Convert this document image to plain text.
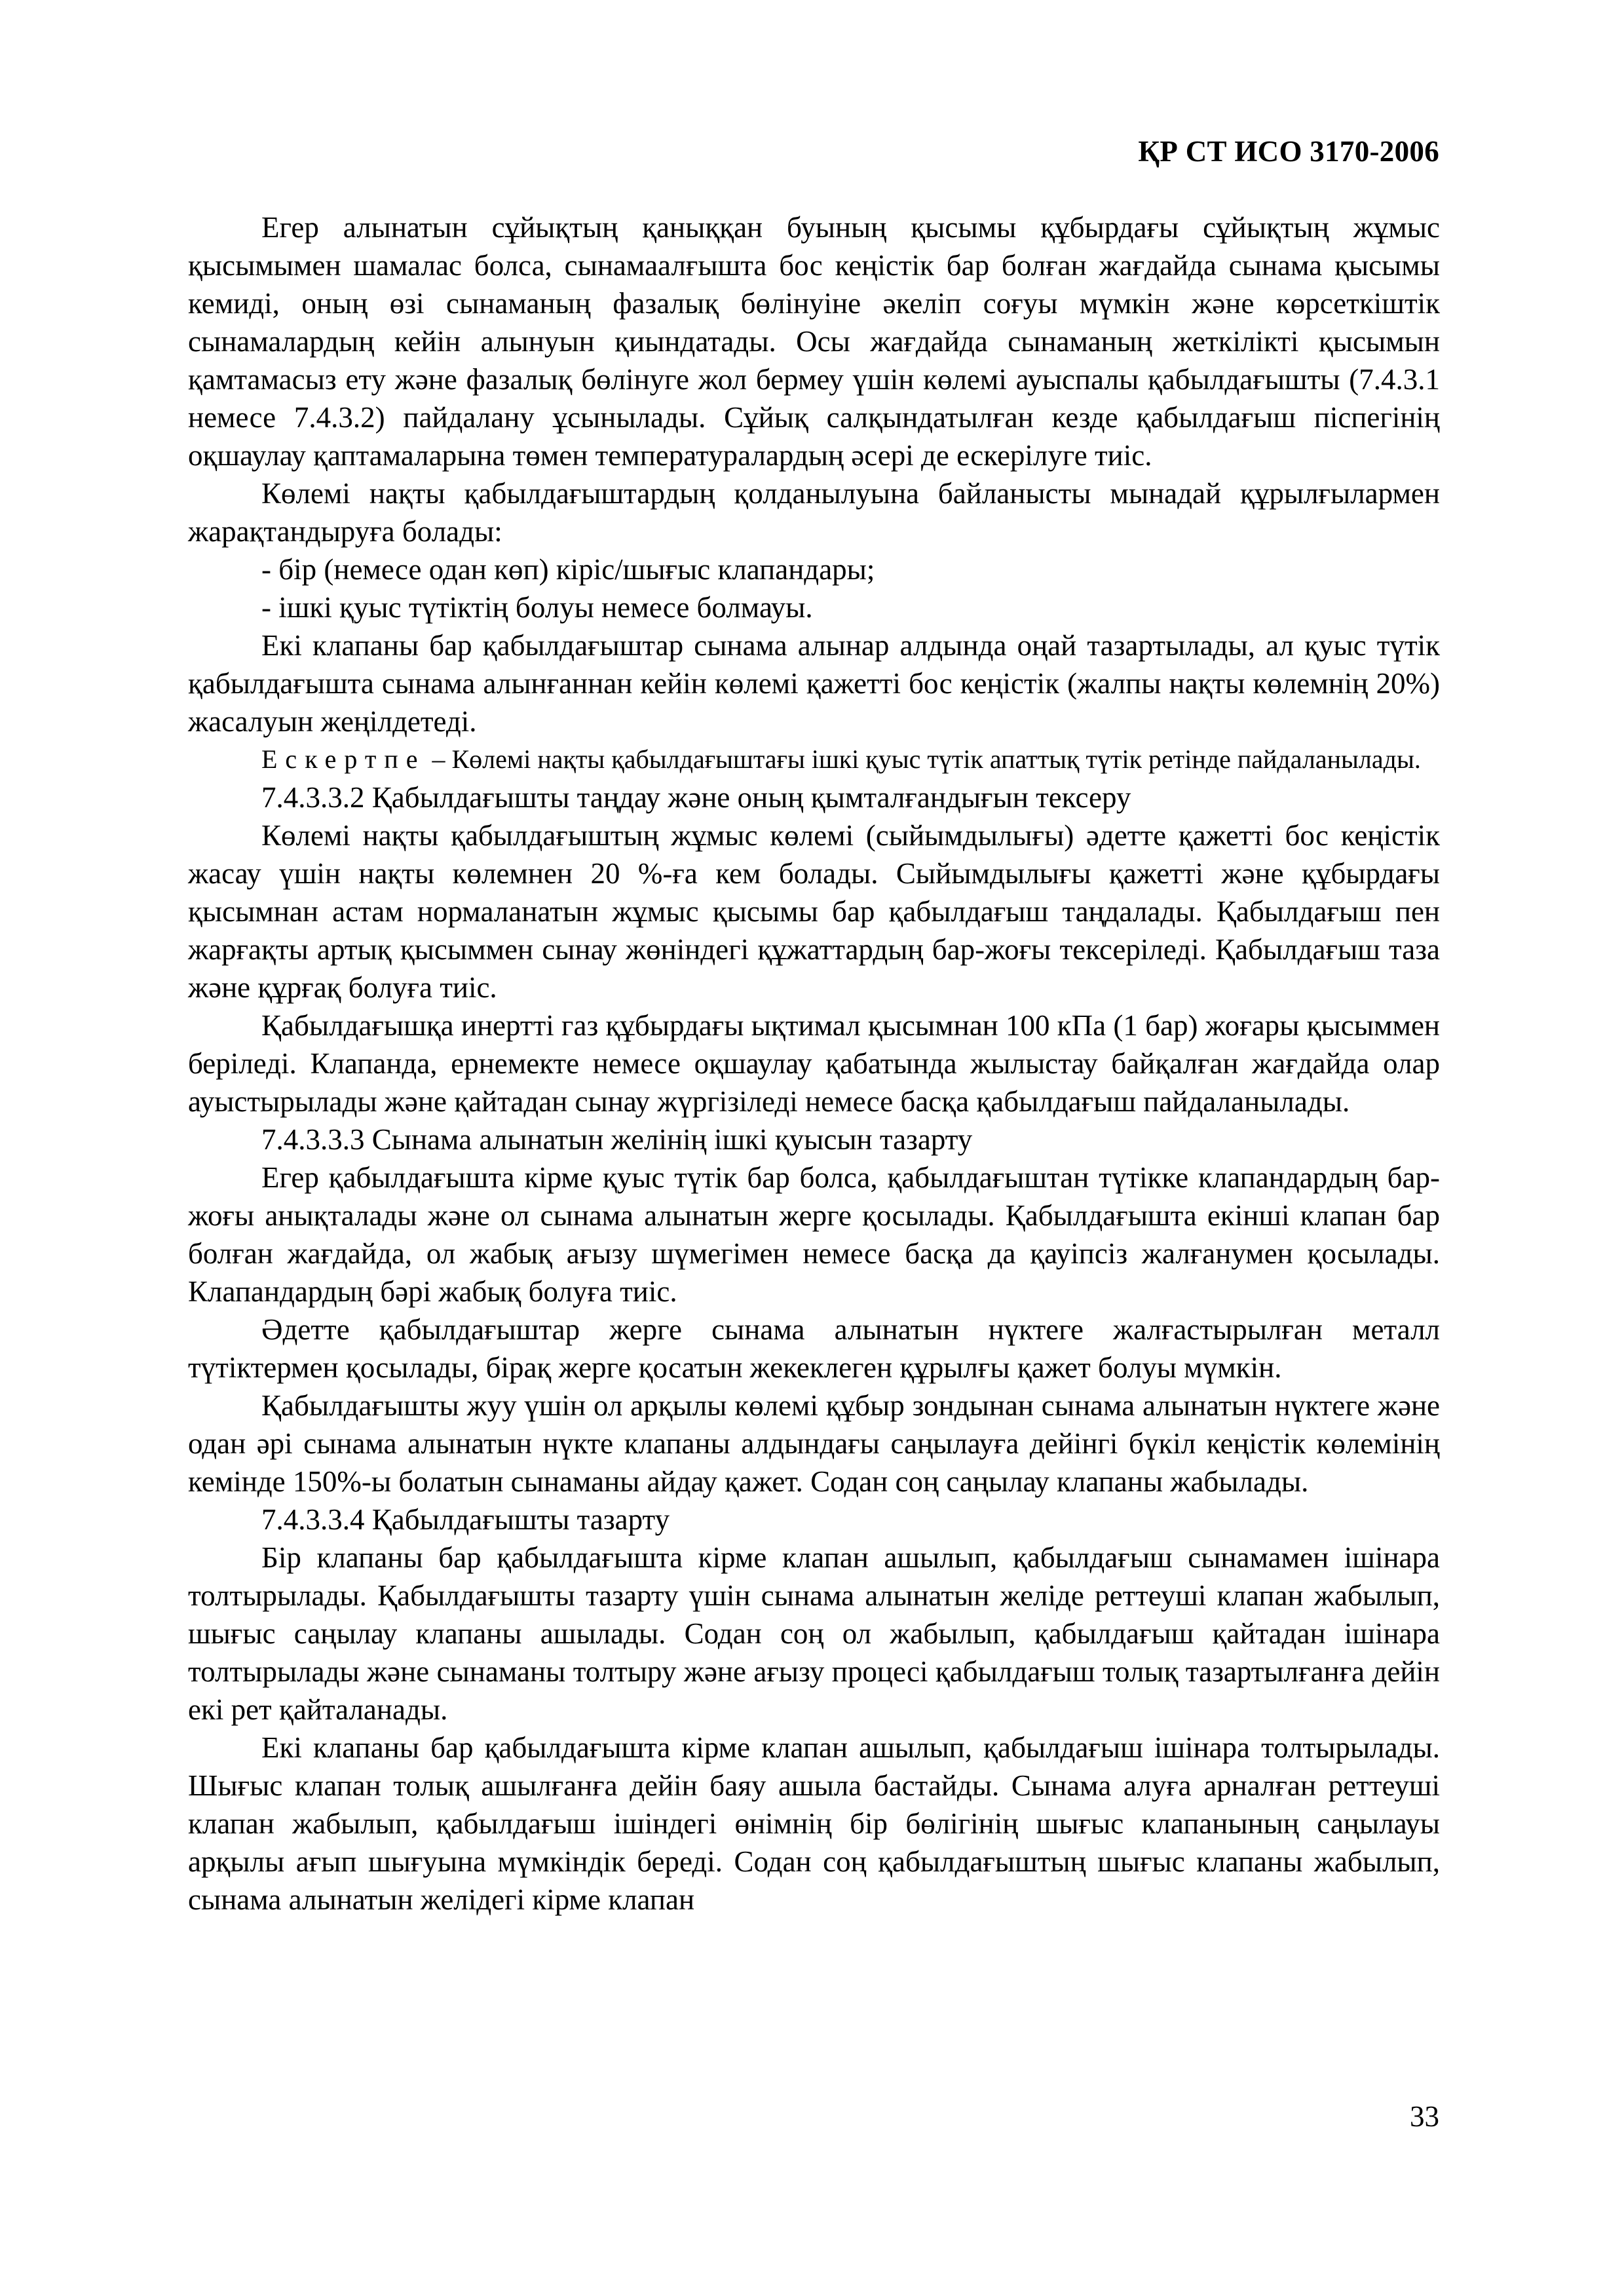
ҚР СТ ИСО 3170-2006

Егер алынатын сұйықтың қаныққан буының қысымы құбырдағы сұйықтың жұмыс қысымымен шамалас болса, сынамаалғышта бос кеңістік бар болған жағдайда сынама қысымы кемиді, оның өзі сынаманың фазалық бөлінуіне әкеліп соғуы мүмкін және көрсеткіштік сынамалардың кейін алынуын қиындатады. Осы жағдайда сынаманың жеткілікті қысымын қамтамасыз ету және фазалық бөлінуге жол бермеу үшін көлемі ауыспалы қабылдағышты (7.4.3.1 немесе 7.4.3.2) пайдалану ұсынылады. Сұйық салқындатылған кезде қабылдағыш піспегінің оқшаулау қаптамаларына төмен температуралардың әсері де ескерілуге тиіс.

Көлемі нақты қабылдағыштардың қолданылуына байланысты мынадай құрылғылармен жарақтандыруға болады:

- бір (немесе одан көп) кіріс/шығыс клапандары;

- ішкі қуыс түтіктің болуы немесе болмауы.

Екі клапаны бар қабылдағыштар сынама алынар алдында оңай тазартылады, ал қуыс түтік қабылдағышта сынама алынғаннан кейін көлемі қажетті бос кеңістік (жалпы нақты көлемнің 20%) жасалуын жеңілдетеді.

Ескертпе – Көлемі нақты қабылдағыштағы ішкі қуыс түтік апаттық түтік ретінде пайдаланылады.

7.4.3.3.2 Қабылдағышты таңдау және оның қымталғандығын тексеру

Көлемі нақты қабылдағыштың жұмыс көлемі (сыйымдылығы) әдетте қажетті бос кеңістік жасау үшін нақты көлемнен 20 %-ға кем болады. Сыйымдылығы қажетті және құбырдағы қысымнан астам нормаланатын жұмыс қысымы бар қабылдағыш таңдалады. Қабылдағыш пен жарғақты артық қысыммен сынау жөніндегі құжаттардың бар-жоғы тексеріледі. Қабылдағыш таза және құрғақ болуға тиіс.

Қабылдағышқа инертті газ құбырдағы ықтимал қысымнан 100 кПа (1 бар) жоғары қысыммен беріледі. Клапанда, ернемекте немесе оқшаулау қабатында жылыстау байқалған жағдайда олар ауыстырылады және қайтадан сынау жүргізіледі немесе басқа қабылдағыш пайдаланылады.

7.4.3.3.3 Сынама алынатын желінің ішкі қуысын тазарту

Егер қабылдағышта кірме қуыс түтік бар болса, қабылдағыштан түтікке клапандардың бар-жоғы анықталады және ол сынама алынатын жерге қосылады. Қабылдағышта екінші клапан бар болған жағдайда, ол жабық ағызу шүмегімен немесе басқа да қауіпсіз жалғанумен қосылады. Клапандардың бәрі жабық болуға тиіс.

Әдетте қабылдағыштар жерге сынама алынатын нүктеге жалғастырылған металл түтіктермен қосылады, бірақ жерге қосатын жекеклеген құрылғы қажет болуы мүмкін.

Қабылдағышты жуу үшін ол арқылы көлемі құбыр зондынан сынама алынатын нүктеге және одан әрі сынама алынатын нүкте клапаны алдындағы саңылауға дейінгі бүкіл кеңістік көлемінің кемінде 150%-ы болатын сынаманы айдау қажет. Содан соң саңылау клапаны жабылады.

7.4.3.3.4 Қабылдағышты тазарту

Бір клапаны бар қабылдағышта кірме клапан ашылып, қабылдағыш сынамамен ішінара толтырылады. Қабылдағышты тазарту үшін сынама алынатын желіде реттеуші клапан жабылып, шығыс саңылау клапаны ашылады. Содан соң ол жабылып, қабылдағыш қайтадан ішінара толтырылады және сынаманы толтыру және ағызу процесі қабылдағыш толық тазартылғанға дейін екі рет қайталанады.

Екі клапаны бар қабылдағышта кірме клапан ашылып, қабылдағыш ішінара толтырылады. Шығыс клапан толық ашылғанға дейін баяу ашыла бастайды. Сынама алуға арналған реттеуші клапан жабылып, қабылдағыш ішіндегі өнімнің бір бөлігінің шығыс клапанының саңылауы арқылы ағып шығуына мүмкіндік береді. Содан соң қабылдағыштың шығыс клапаны жабылып, сынама алынатын желідегі кірме клапан

33
